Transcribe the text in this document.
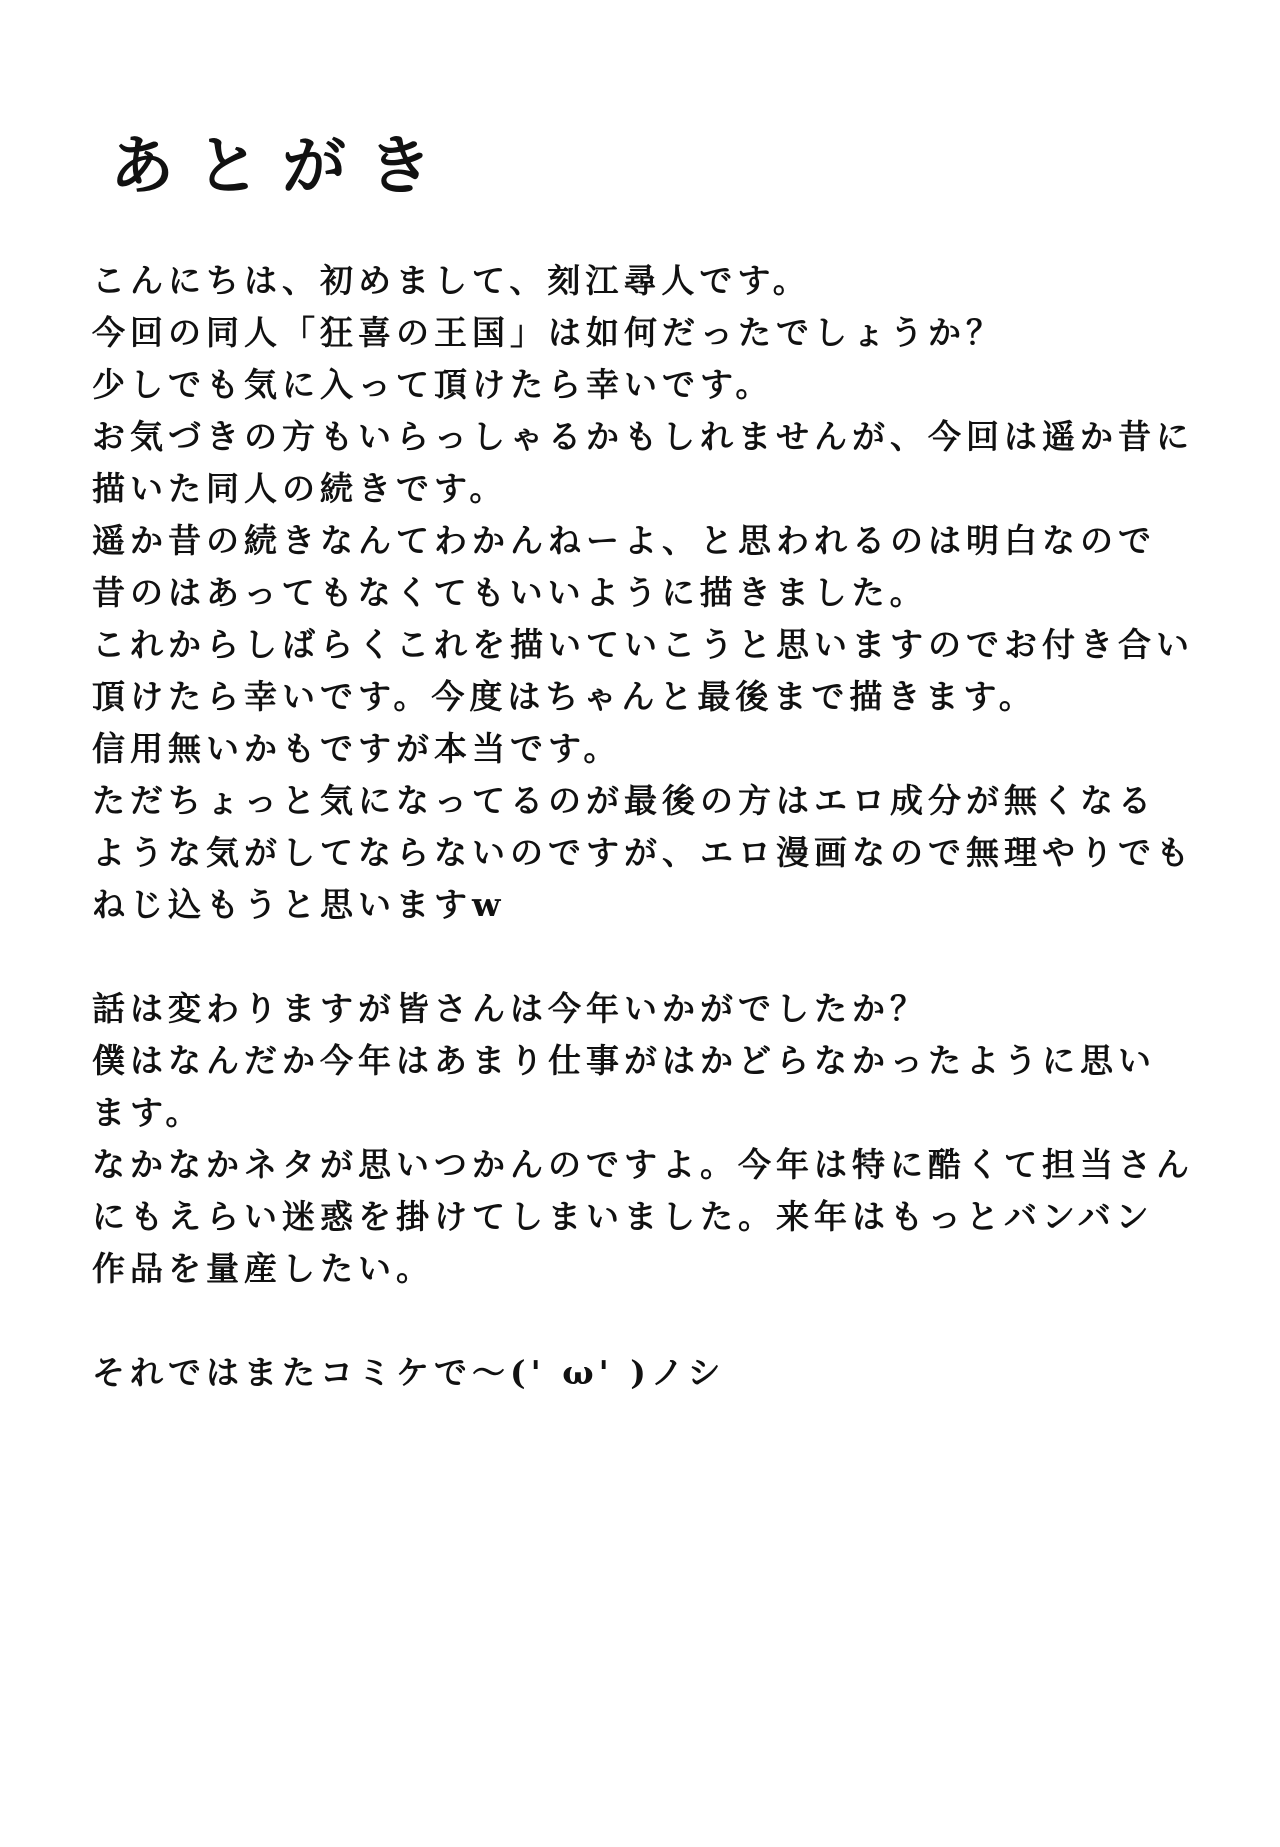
あとがき
こんにちは、初めまして、刻江尋人です。
今回の同人「狂喜の王国」は如何だったでしょうか？
少しでも気に入って頂けたら幸いです。
お気づきの方もいらっしゃるかもしれませんが、今回は遥か昔に
描いた同人の続きです。
遥か昔の続きなんてわかんねーよ、と思われるのは明白なので
昔のはあってもなくてもいいように描きました。
これからしばらくこれを描いていこうと思いますのでお付き合い
頂けたら幸いです。今度はちゃんと最後まで描きます。
信用無いかもですが本当です。
ただちょっと気になってるのが最後の方はエロ成分が無くなる
ような気がしてならないのですが、エロ漫画なので無理やりでも
ねじ込もうと思いますw
話は変わりますが皆さんは今年いかがでしたか？
僕はなんだか今年はあまり仕事がはかどらなかったように思い
ます。
なかなかネタが思いつかんのですよ。今年は特に酷くて担当さん
にもえらい迷惑を掛けてしまいました。来年はもっとバンバン
作品を量産したい。
それではまたコミケで～(' ω' )ノシ
